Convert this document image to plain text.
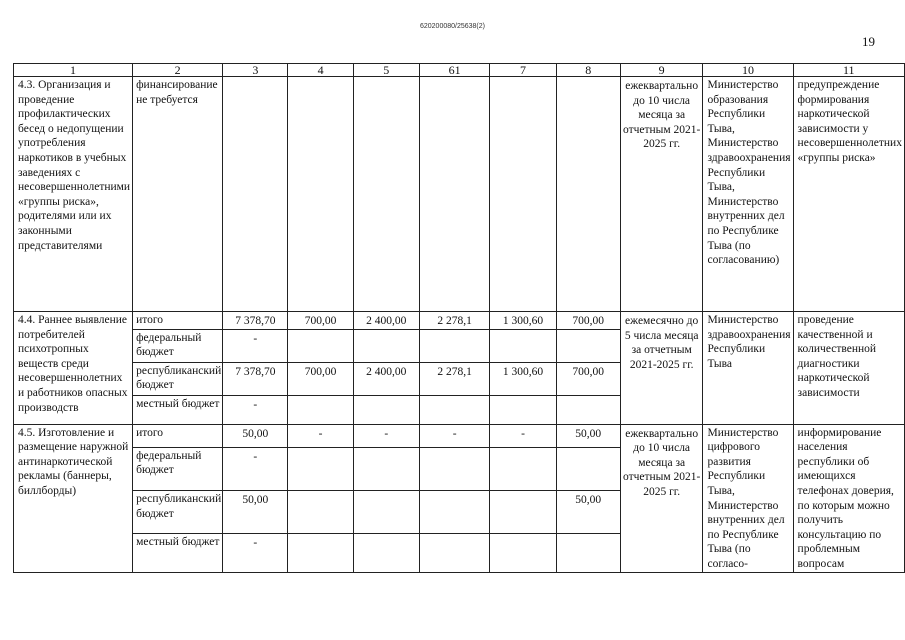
620200080/25638(2)
19
1	2	3	4	5	61	7	8	9	10	11
4.3. Организация и проведение профилактических бесед о недопущении употребления наркотиков в учебных заведениях с несовершеннолетними «группы риска», родителями или их законными представителями	финансирование не требуется							ежеквартально до 10 числа месяца за отчетным 2021-2025 гг.	Министерство образования Республики Тыва, Министерство здравоохранения Республики Тыва, Министерство внутренних дел по Республике Тыва (по согласованию)	предупреждение формирования наркотической зависимости у несовершеннолетних «группы риска»
4.4. Раннее выявление потребителей психотропных веществ среди несовершеннолетних и работников опасных производств	итого	7 378,70	700,00	2 400,00	2 278,1	1 300,60	700,00	ежемесячно до 5 числа месяца за отчетным 2021-2025 гг.	Министерство здравоохранения Республики Тыва	проведение качественной и количественной диагностики наркотической зависимости
	федеральный бюджет	-								
	республиканский бюджет	7 378,70	700,00	2 400,00	2 278,1	1 300,60	700,00			
	местный бюджет	-								
4.5. Изготовление и размещение наружной антинаркотической рекламы (баннеры, биллборды)	итого	50,00	-	-	-	-	50,00	ежеквартально до 10 числа месяца за отчетным 2021-2025 гг.	Министерство цифрового развития Республики Тыва, Министерство внутренних дел по Республике Тыва (по согласо-	информирование населения республики об имеющихся телефонах доверия, по которым можно получить консультацию по проблемным вопросам
	федеральный бюджет	-								
	республиканский бюджет	50,00					50,00			
	местный бюджет	-								
